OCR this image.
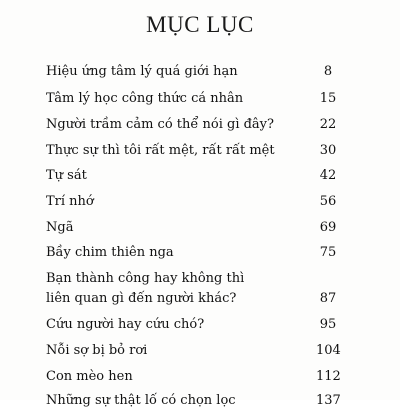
MỤC LỤC
Hiệu ứng tâm lý quá giới hạn	8
Tâm lý học công thức cá nhân	15
Người trầm cảm có thể nói gì đây?	22
Thực sự thì tôi rất mệt, rất rất mệt	30
Tự sát	42
Trí nhớ	56
Ngã	69
Bầy chim thiên nga	75
Bạn thành công hay không thì
liên quan gì đến người khác?	87
Cứu người hay cứu chó?	95
Nỗi sợ bị bỏ rơi	104
Con mèo hen	112
Những sự thật lố có chọn lọc	137
